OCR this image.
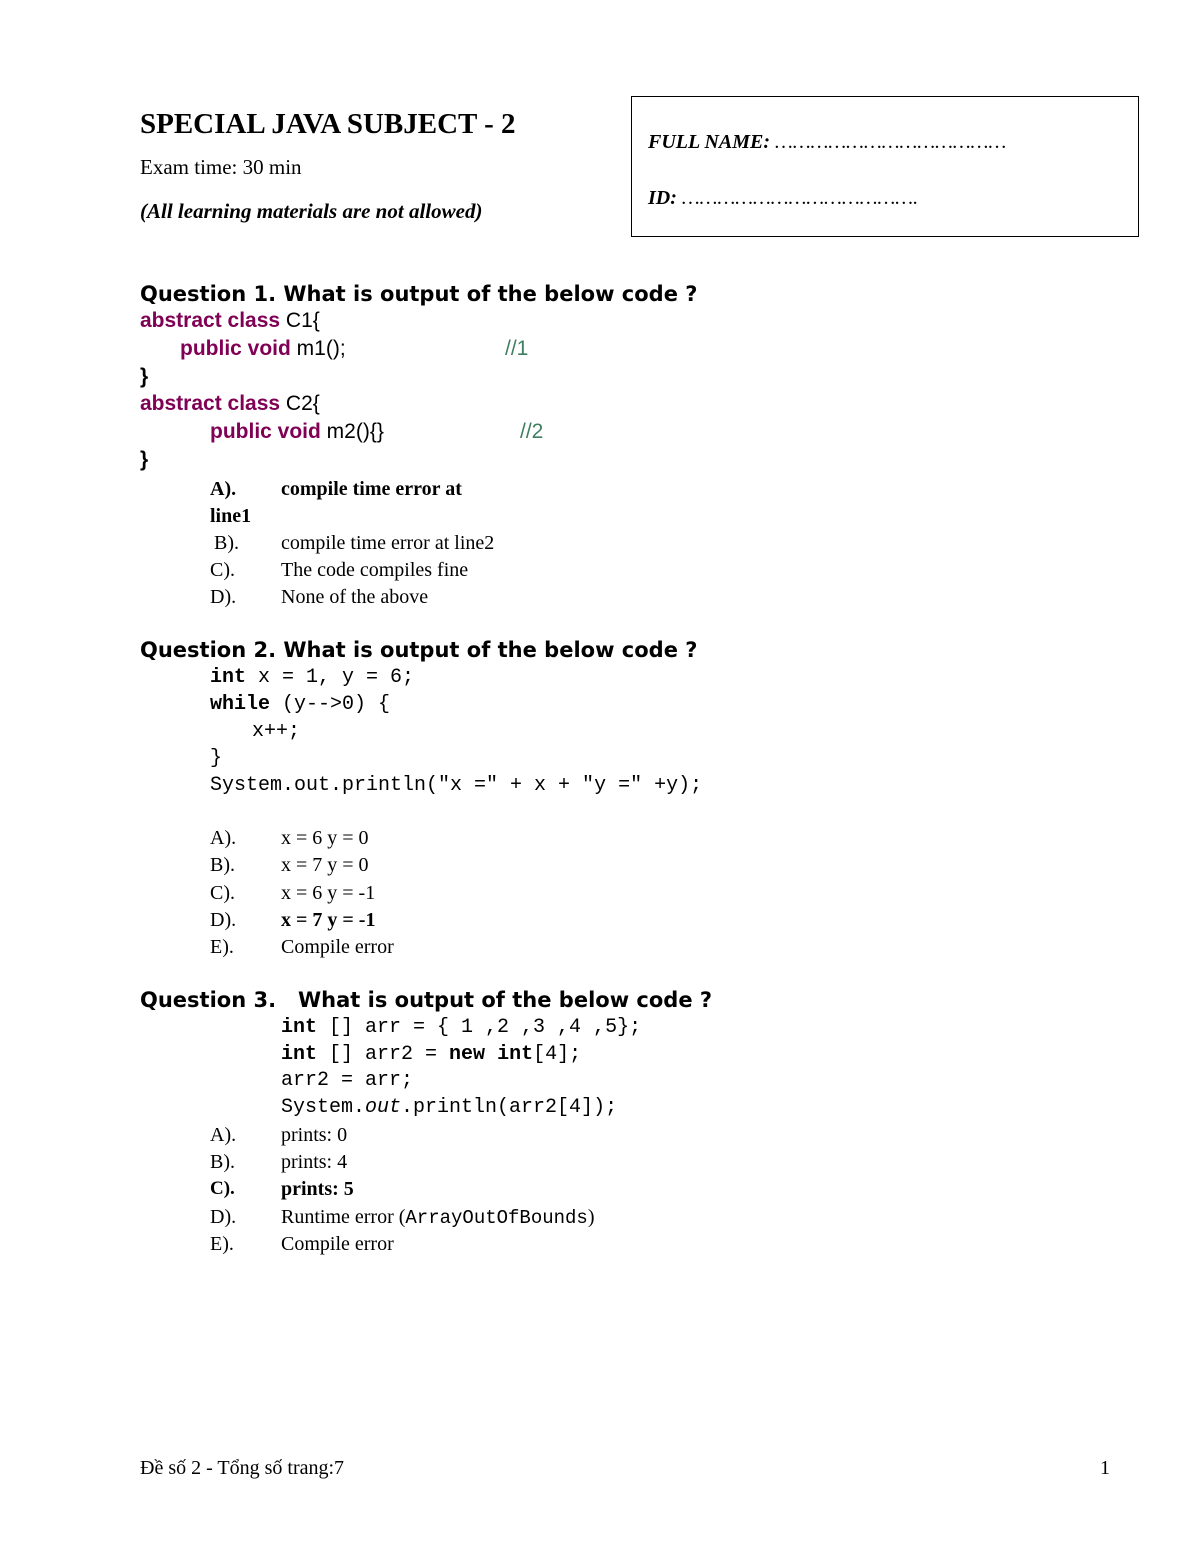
SPECIAL JAVA SUBJECT - 2
Exam time: 30 min
(All learning materials are not allowed)
FULL NAME: …………………………………
ID: ………………………………….
Question 1. What is output of the below code ?
abstract class C1{
public void m1();	//1
}
abstract class C2{
public void m2(){}	//2
}
A). compile time error at
line1
B). compile time error at line2
C). The code compiles fine
D). None of the above
Question 2. What is output of the below code ?
int x = 1, y = 6;
while (y-->0) {
x++;
}
System.out.println("x =" + x + "y =" +y);
A). x = 6 y = 0
B). x = 7 y = 0
C). x = 6 y = -1
D). x = 7 y = -1
E). Compile error
Question 3.   What is output of the below code ?
int [] arr = { 1 ,2 ,3 ,4 ,5};
int [] arr2 = new int[4];
arr2 = arr;
System.out.println(arr2[4]);
A). prints: 0
B). prints: 4
C). prints: 5
D). Runtime error (ArrayOutOfBounds)
E). Compile error
Đề số 2 - Tổng số trang:7	1
